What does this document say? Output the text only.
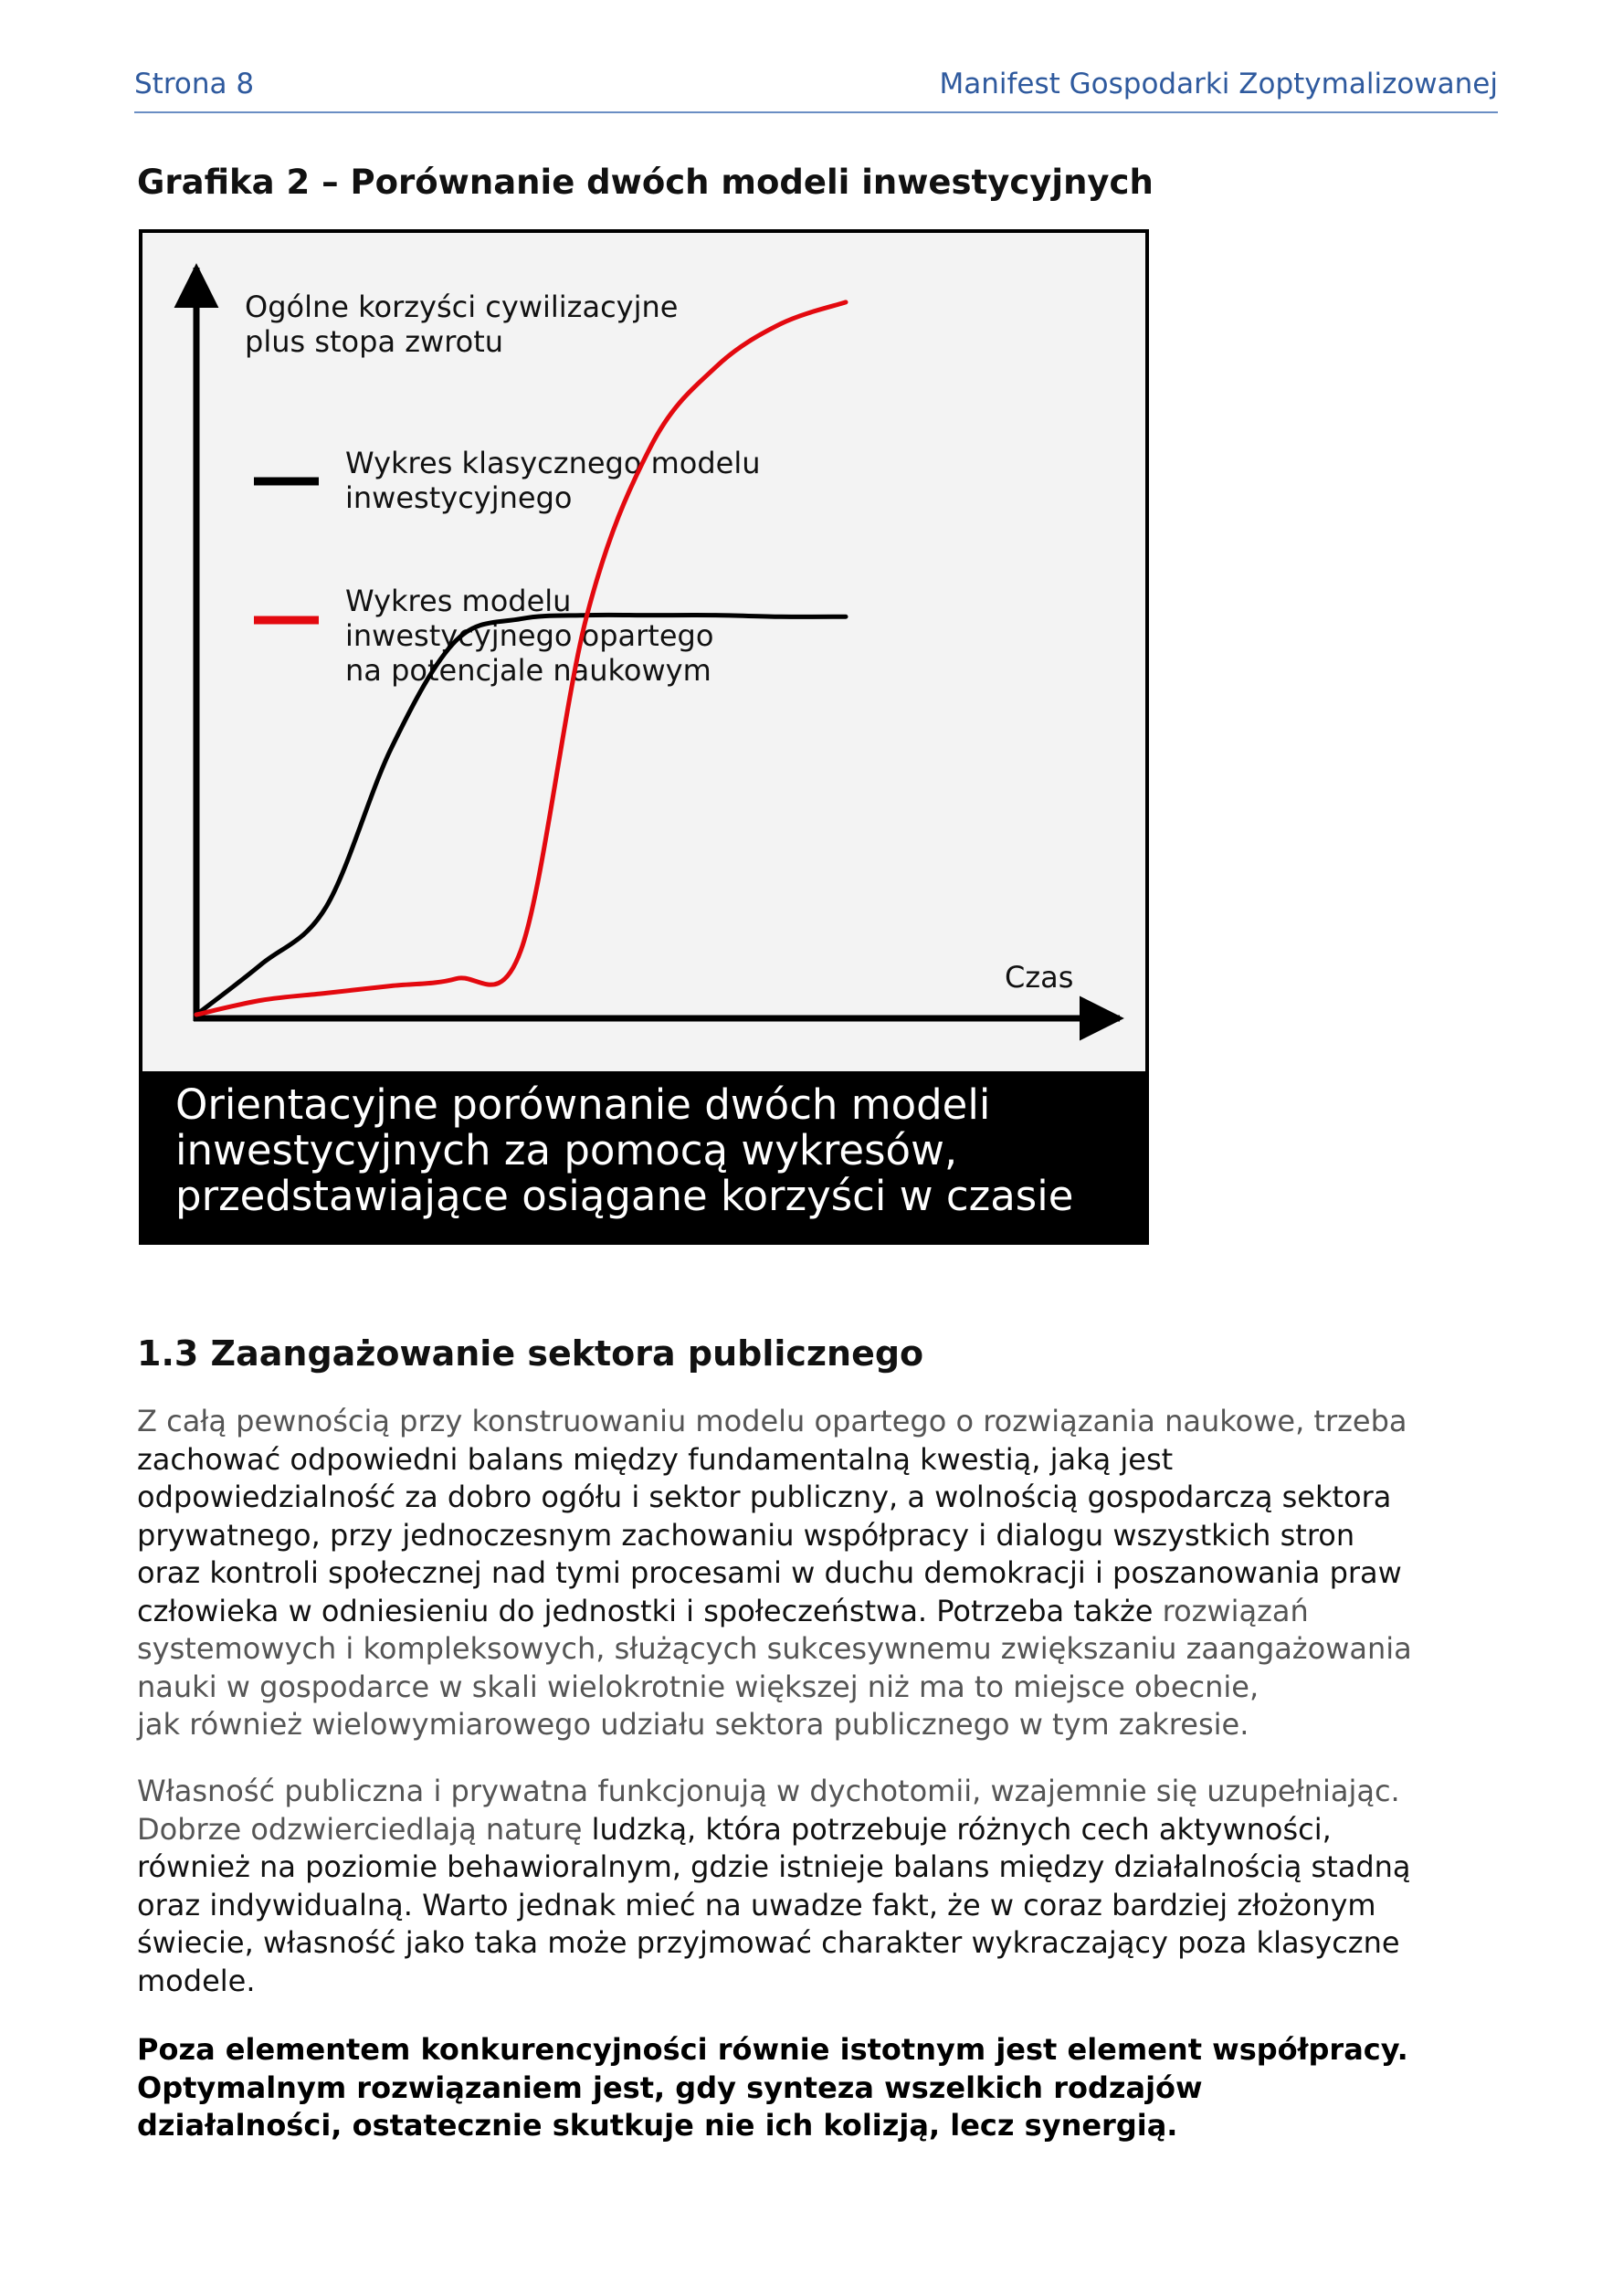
Strona 8	Manifest Gospodarki Zoptymalizowanej
Grafika 2 – Porównanie dwóch modeli inwestycyjnych
Ogólne korzyści cywilizacyjne
plus stopa zwrotu
Wykres klasycznego modelu
inwestycyjnego
Wykres modelu
inwestycyjnego opartego
na potencjale naukowym
Czas
Orientacyjne porównanie dwóch modeli
inwestycyjnych za pomocą wykresów,
przedstawiające osiągane korzyści w czasie
1.3 Zaangażowanie sektora publicznego
Z całą pewnością przy konstruowaniu modelu opartego o rozwiązania naukowe, trzeba
zachować odpowiedni balans między fundamentalną kwestią, jaką jest
odpowiedzialność za dobro ogółu i sektor publiczny, a wolnością gospodarczą sektora
prywatnego, przy jednoczesnym zachowaniu współpracy i dialogu wszystkich stron
oraz kontroli społecznej nad tymi procesami w duchu demokracji i poszanowania praw
człowieka w odniesieniu do jednostki i społeczeństwa. Potrzeba także rozwiązań
systemowych i kompleksowych, służących sukcesywnemu zwiększaniu zaangażowania
nauki w gospodarce w skali wielokrotnie większej niż ma to miejsce obecnie,
jak również wielowymiarowego udziału sektora publicznego w tym zakresie.
Własność publiczna i prywatna funkcjonują w dychotomii, wzajemnie się uzupełniając.
Dobrze odzwierciedlają naturę ludzką, która potrzebuje różnych cech aktywności,
również na poziomie behawioralnym, gdzie istnieje balans między działalnością stadną
oraz indywidualną. Warto jednak mieć na uwadze fakt, że w coraz bardziej złożonym
świecie, własność jako taka może przyjmować charakter wykraczający poza klasyczne
modele.
Poza elementem konkurencyjności równie istotnym jest element współpracy.
Optymalnym rozwiązaniem jest, gdy synteza wszelkich rodzajów
działalności, ostatecznie skutkuje nie ich kolizją, lecz synergią.
